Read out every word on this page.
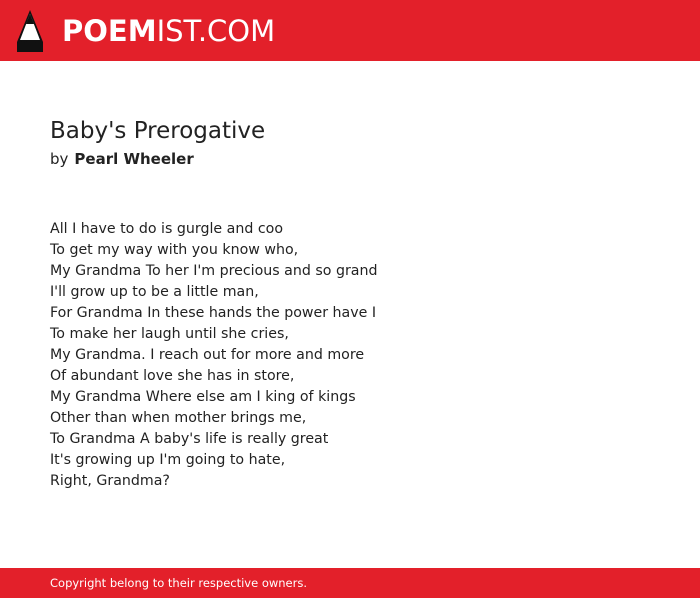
POEMIST.COM
Baby's Prerogative
by Pearl Wheeler
All I have to do is gurgle and coo
To get my way with you know who,
My Grandma To her I'm precious and so grand
I'll grow up to be a little man,
For Grandma In these hands the power have I
To make her laugh until she cries,
My Grandma. I reach out for more and more
Of abundant love she has in store,
My Grandma Where else am I king of kings
Other than when mother brings me,
To Grandma A baby's life is really great
It's growing up I'm going to hate,
Right, Grandma?
Copyright belong to their respective owners.
